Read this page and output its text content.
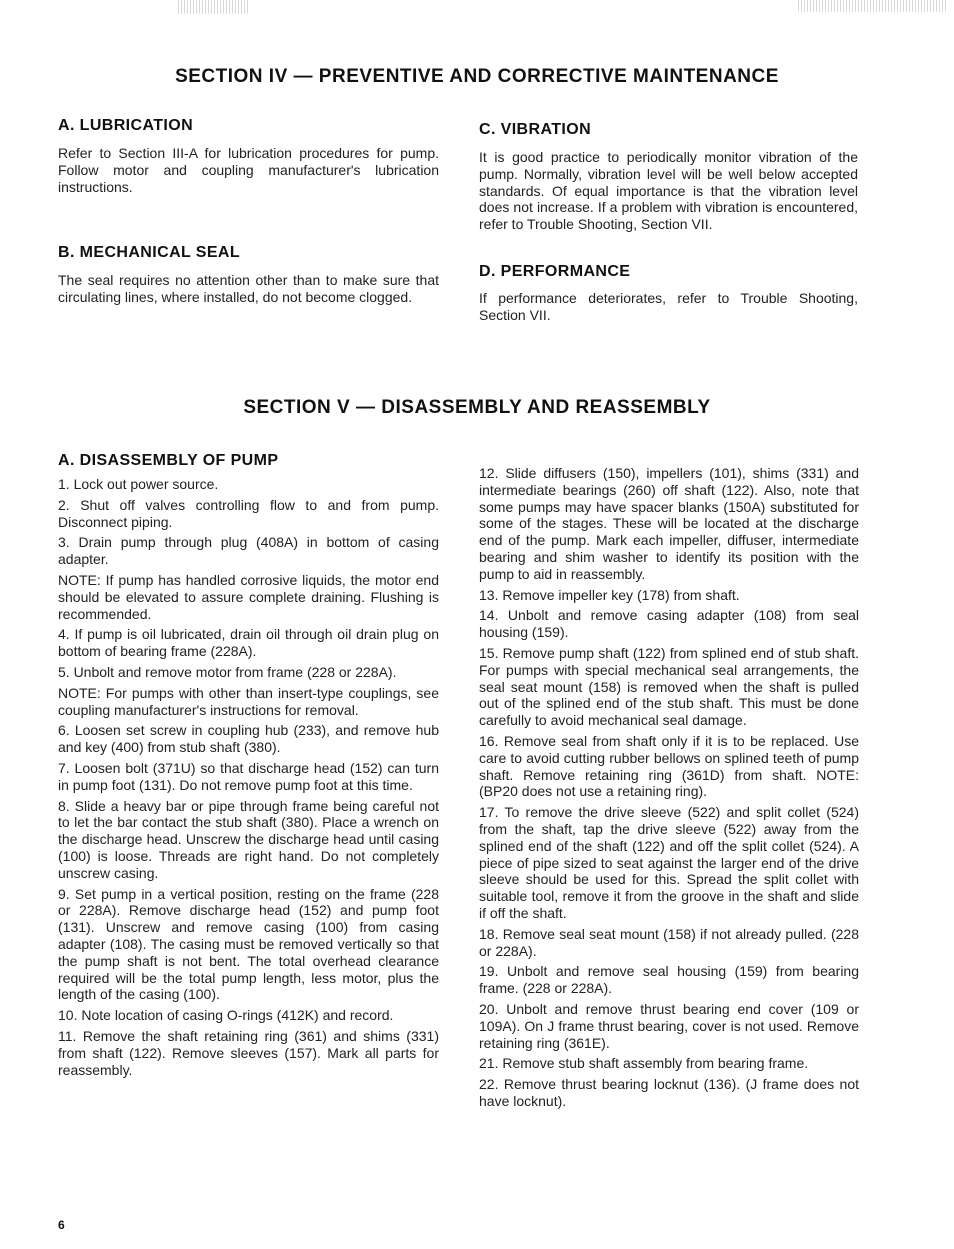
SECTION IV — PREVENTIVE AND CORRECTIVE MAINTENANCE
A. LUBRICATION

Refer to Section III-A for lubrication procedures for pump. Follow motor and coupling manufacturer's lubrication instructions.

B. MECHANICAL SEAL

The seal requires no attention other than to make sure that circulating lines, where installed, do not become clogged.

C. VIBRATION

It is good practice to periodically monitor vibration of the pump. Normally, vibration level will be well below accepted standards. Of equal importance is that the vibration level does not increase. If a problem with vibration is encountered, refer to Trouble Shooting, Section VII.

D. PERFORMANCE

If performance deteriorates, refer to Trouble Shooting, Section VII.

SECTION V — DISASSEMBLY AND REASSEMBLY
A. DISASSEMBLY OF PUMP

1. Lock out power source.

2. Shut off valves controlling flow to and from pump. Disconnect piping.

3. Drain pump through plug (408A) in bottom of casing adapter.

NOTE: If pump has handled corrosive liquids, the motor end should be elevated to assure complete draining. Flushing is recommended.

4. If pump is oil lubricated, drain oil through oil drain plug on bottom of bearing frame (228A).

5. Unbolt and remove motor from frame (228 or 228A).

NOTE: For pumps with other than insert-type couplings, see coupling manufacturer's instructions for removal.

6. Loosen set screw in coupling hub (233), and remove hub and key (400) from stub shaft (380).

7. Loosen bolt (371U) so that discharge head (152) can turn in pump foot (131). Do not remove pump foot at this time.

8. Slide a heavy bar or pipe through frame being careful not to let the bar contact the stub shaft (380). Place a wrench on the discharge head. Unscrew the discharge head until casing (100) is loose. Threads are right hand. Do not completely unscrew casing.

9. Set pump in a vertical position, resting on the frame (228 or 228A). Remove discharge head (152) and pump foot (131). Unscrew and remove casing (100) from casing adapter (108). The casing must be removed vertically so that the pump shaft is not bent. The total overhead clearance required will be the total pump length, less motor, plus the length of the casing (100).

10. Note location of casing O-rings (412K) and record.

11. Remove the shaft retaining ring (361) and shims (331) from shaft (122). Remove sleeves (157). Mark all parts for reassembly.

12. Slide diffusers (150), impellers (101), shims (331) and intermediate bearings (260) off shaft (122). Also, note that some pumps may have spacer blanks (150A) substituted for some of the stages. These will be located at the discharge end of the pump. Mark each impeller, diffuser, intermediate bearing and shim washer to identify its position with the pump to aid in reassembly.

13. Remove impeller key (178) from shaft.

14. Unbolt and remove casing adapter (108) from seal housing (159).

15. Remove pump shaft (122) from splined end of stub shaft. For pumps with special mechanical seal arrangements, the seal seat mount (158) is removed when the shaft is pulled out of the splined end of the stub shaft. This must be done carefully to avoid mechanical seal damage.

16. Remove seal from shaft only if it is to be replaced. Use care to avoid cutting rubber bellows on splined teeth of pump shaft. Remove retaining ring (361D) from shaft. NOTE: (BP20 does not use a retaining ring).

17. To remove the drive sleeve (522) and split collet (524) from the shaft, tap the drive sleeve (522) away from the splined end of the shaft (122) and off the split collet (524). A piece of pipe sized to seat against the larger end of the drive sleeve should be used for this. Spread the split collet with suitable tool, remove it from the groove in the shaft and slide if off the shaft.

18. Remove seal seat mount (158) if not already pulled. (228 or 228A).

19. Unbolt and remove seal housing (159) from bearing frame. (228 or 228A).

20. Unbolt and remove thrust bearing end cover (109 or 109A). On J frame thrust bearing, cover is not used. Remove retaining ring (361E).

21. Remove stub shaft assembly from bearing frame.

22. Remove thrust bearing locknut (136). (J frame does not have locknut).

6
